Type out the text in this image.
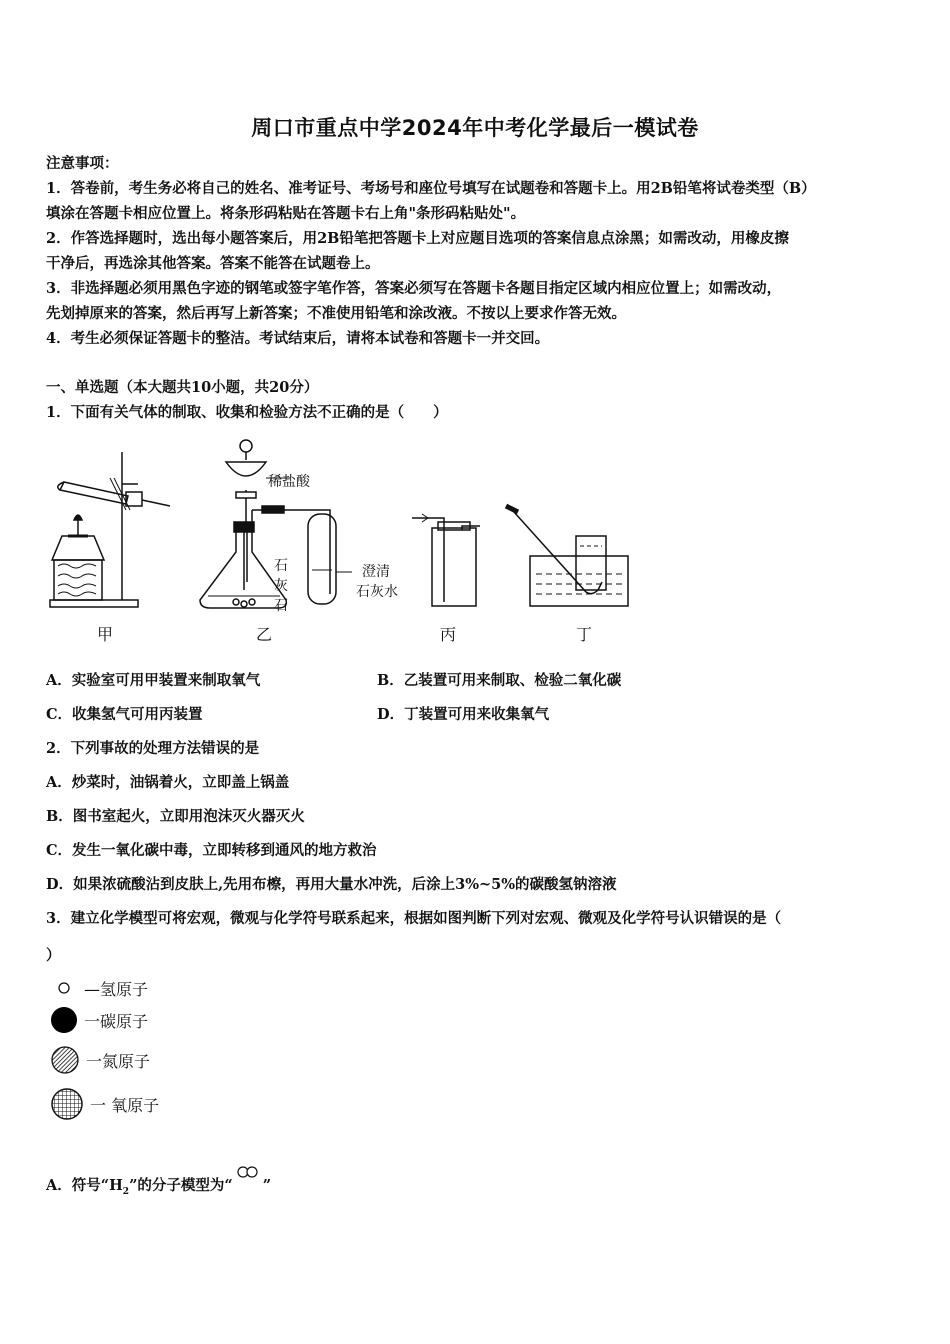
周口市重点中学2024年中考化学最后一模试卷
注意事项：
1．答卷前，考生务必将自己的姓名、准考证号、考场号和座位号填写在试题卷和答题卡上。用2B铅笔将试卷类型（B）
填涂在答题卡相应位置上。将条形码粘贴在答题卡右上角"条形码粘贴处"。
2．作答选择题时，选出每小题答案后，用2B铅笔把答题卡上对应题目选项的答案信息点涂黑；如需改动，用橡皮擦
干净后，再选涂其他答案。答案不能答在试题卷上。
3．非选择题必须用黑色字迹的钢笔或签字笔作答，答案必须写在答题卡各题目指定区域内相应位置上；如需改动，
先划掉原来的答案，然后再写上新答案；不准使用铅笔和涂改液。不按以上要求作答无效。
4．考生必须保证答题卡的整洁。考试结束后，请将本试卷和答题卡一并交回。
一、单选题（本大题共10小题，共20分）
1．下面有关气体的制取、收集和检验方法不正确的是（　　）
稀盐酸
石
灰
石
澄清
石灰水
甲	乙	丙	丁
A．实验室可用甲装置来制取氧气	B．乙装置可用来制取、检验二氧化碳
C．收集氢气可用丙装置	D．丁装置可用来收集氧气
2．下列事故的处理方法错误的是
A．炒菜时，油锅着火，立即盖上锅盖
B．图书室起火，立即用泡沫灭火器灭火
C．发生一氧化碳中毒，立即转移到通风的地方救治
D．如果浓硫酸沾到皮肤上,先用布檫，再用大量水冲洗，后涂上3%~5%的碳酸氢钠溶液
3．建立化学模型可将宏观，微观与化学符号联系起来，根据如图判断下列对宏观、微观及化学符号认识错误的是（
）
—氢原子
一碳原子
一氮原子
一 氧原子
A．符号“$H_2$”的分子模型为“ ”
